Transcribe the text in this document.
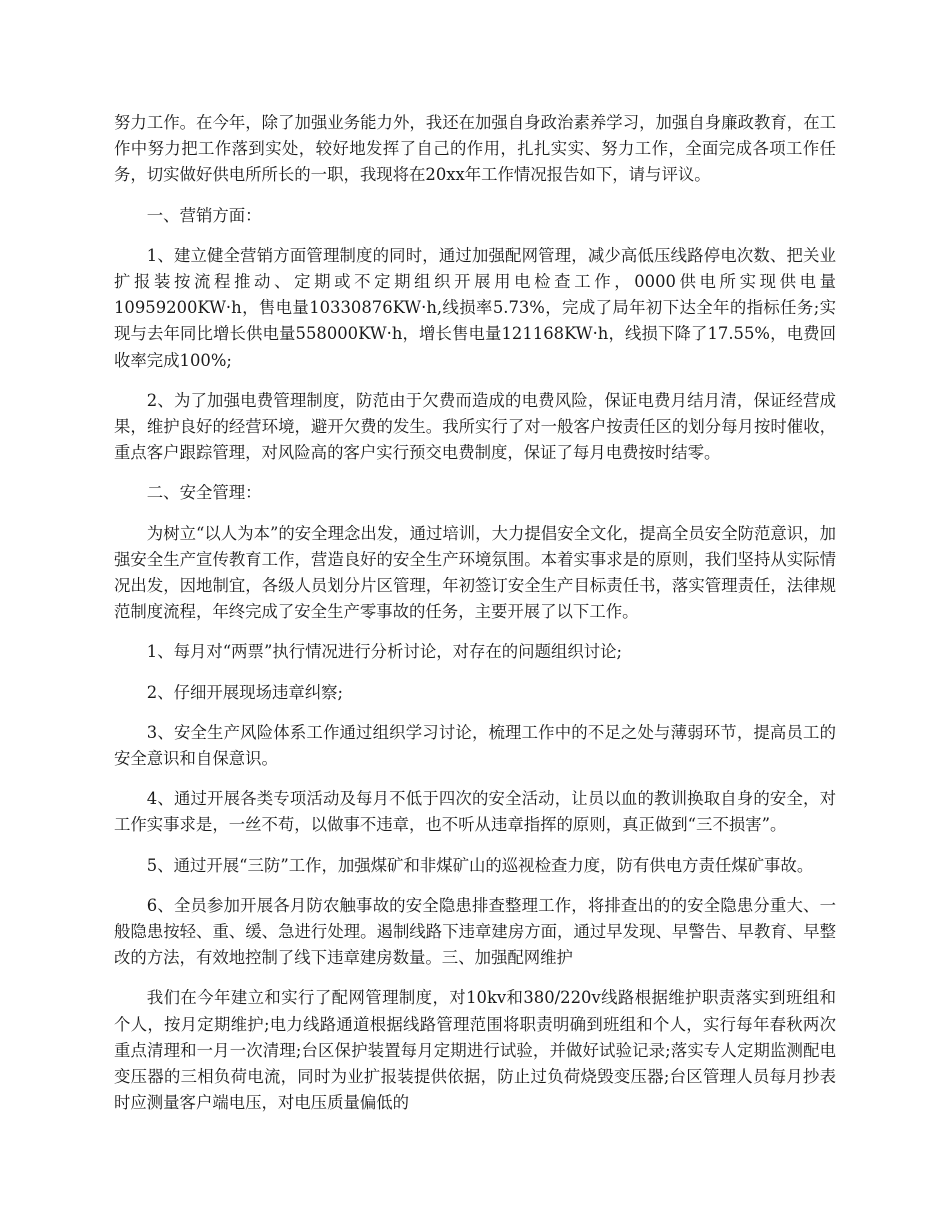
努力工作。在今年，除了加强业务能力外，我还在加强自身政治素养学习，加强自身廉政教育，在工作中努力把工作落到实处，较好地发挥了自己的作用，扎扎实实、努力工作，全面完成各项工作任务，切实做好供电所所长的一职，我现将在20xx年工作情况报告如下，请与评议。

一、营销方面：

1、建立健全营销方面管理制度的同时，通过加强配网管理，减少高低压线路停电次数、把关业扩报装按流程推动、定期或不定期组织开展用电检查工作，0000供电所实现供电量10959200KW·h，售电量10330876KW·h,线损率5.73%，完成了局年初下达全年的指标任务;实现与去年同比增长供电量558000KW·h，增长售电量121168KW·h，线损下降了17.55%，电费回收率完成100%;

2、为了加强电费管理制度，防范由于欠费而造成的电费风险，保证电费月结月清，保证经营成果，维护良好的经营环境，避开欠费的发生。我所实行了对一般客户按责任区的划分每月按时催收，重点客户跟踪管理，对风险高的客户实行预交电费制度，保证了每月电费按时结零。

二、安全管理：

为树立“以人为本”的安全理念出发，通过培训，大力提倡安全文化，提高全员安全防范意识，加强安全生产宣传教育工作，营造良好的安全生产环境氛围。本着实事求是的原则，我们坚持从实际情况出发，因地制宜，各级人员划分片区管理，年初签订安全生产目标责任书，落实管理责任，法律规范制度流程，年终完成了安全生产零事故的任务，主要开展了以下工作。

1、每月对“两票”执行情况进行分析讨论，对存在的问题组织讨论;

2、仔细开展现场违章纠察;

3、安全生产风险体系工作通过组织学习讨论，梳理工作中的不足之处与薄弱环节，提高员工的安全意识和自保意识。

4、通过开展各类专项活动及每月不低于四次的安全活动，让员以血的教训换取自身的安全，对工作实事求是，一丝不苟，以做事不违章，也不听从违章指挥的原则，真正做到“三不损害”。

5、通过开展“三防”工作，加强煤矿和非煤矿山的巡视检查力度，防有供电方责任煤矿事故。

6、全员参加开展各月防农触事故的安全隐患排查整理工作，将排查出的的安全隐患分重大、一般隐患按轻、重、缓、急进行处理。遏制线路下违章建房方面，通过早发现、早警告、早教育、早整改的方法，有效地控制了线下违章建房数量。三、加强配网维护

我们在今年建立和实行了配网管理制度，对10kv和380/220v线路根据维护职责落实到班组和个人，按月定期维护;电力线路通道根据线路管理范围将职责明确到班组和个人，实行每年春秋两次重点清理和一月一次清理;台区保护装置每月定期进行试验，并做好试验记录;落实专人定期监测配电变压器的三相负荷电流，同时为业扩报装提供依据，防止过负荷烧毁变压器;台区管理人员每月抄表时应测量客户端电压，对电压质量偏低的
